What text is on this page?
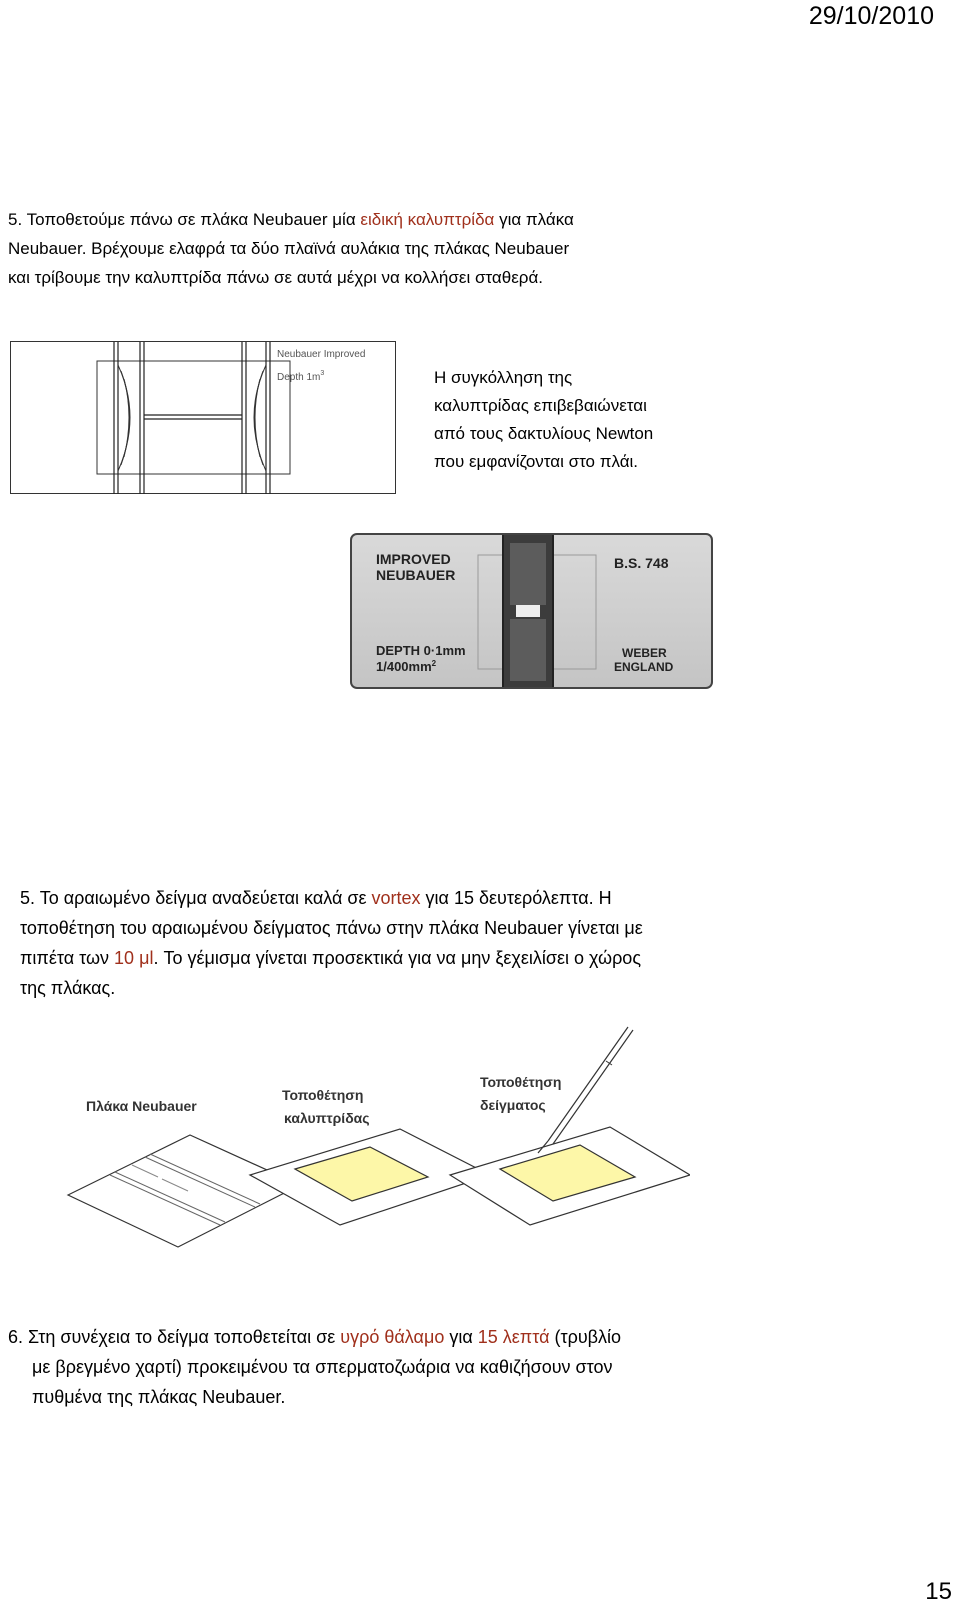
29/10/2010

5. Τοποθετούμε πάνω σε πλάκα Neubauer μία ειδική καλυπτρίδα για πλάκα

Neubauer. Βρέχουμε ελαφρά τα δύο πλαϊνά αυλάκια της πλάκας Neubauer

και τρίβουμε την καλυπτρίδα πάνω σε αυτά μέχρι να κολλήσει σταθερά.

Neubauer Improved
Depth $1m^3$	Η συγκόλληση της

καλυπτρίδας επιβεβαιώνεται

από τους δακτυλίους Newton

που εμφανίζονται στο πλάι.

IMPROVED
NEUBAUER
B.S. 748
DEPTH 0·1mm
$1/400mm^2$
WEBER
ENGLAND

5. Το αραιωμένο δείγμα αναδεύεται καλά σε vortex για 15 δευτερόλεπτα. Η

τοποθέτηση του αραιωμένου δείγματος πάνω στην πλάκα Neubauer γίνεται με

πιπέτα των 10 μl. Το γέμισμα γίνεται προσεκτικά για να μην ξεχειλίσει ο χώρος

της πλάκας.

Πλάκα Neubauer
Τοποθέτηση
καλυπτρίδας
Τοποθέτηση
δείγματος

6. Στη συνέχεια το δείγμα τοποθετείται σε υγρό θάλαμο για 15 λεπτά (τρυβλίο

με βρεγμένο χαρτί) προκειμένου τα σπερματοζωάρια να καθιζήσουν στον

πυθμένα της πλάκας Neubauer.

15
